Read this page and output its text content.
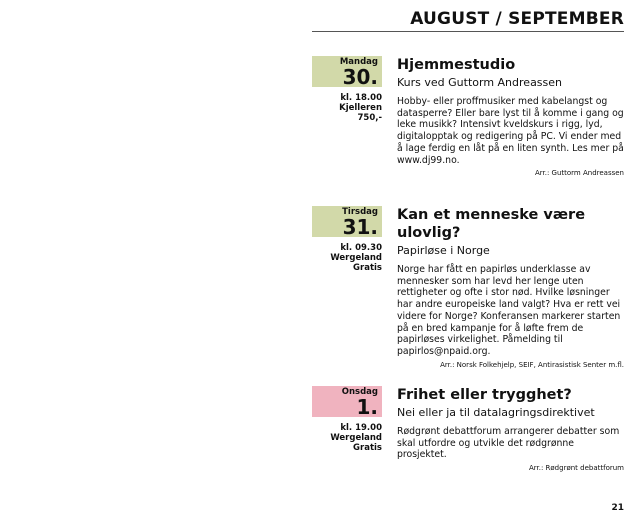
AUGUST / SEPTEMBER
Mandag
30.
kl. 18.00
Kjelleren
750,-
Hjemmestudio
Kurs ved Guttorm Andreassen
Hobby- eller proffmusiker med kabelangst og datasperre? Eller bare lyst til å komme i gang og leke musikk? Intensivt kveldskurs i rigg, lyd, digitalopptak og redigering på PC. Vi ender med å lage ferdig en låt på en liten synth. Les mer på www.dj99.no.
Arr.: Guttorm Andreassen
Tirsdag
31.
kl. 09.30
Wergeland
Gratis
Kan et menneske være ulovlig?
Papirløse i Norge
Norge har fått en papirløs underklasse av mennesker som har levd her lenge uten rettigheter og ofte i stor nød. Hvilke løsninger har andre europeiske land valgt? Hva er rett vei videre for Norge? Konferansen markerer starten på en bred kampanje for å løfte frem de papirløses virkelighet. Påmelding til papirlos@npaid.org.
Arr.: Norsk Folkehjelp, SEIF, Antirasistisk Senter m.fl.
Onsdag
1.
kl. 19.00
Wergeland
Gratis
Frihet eller trygghet?
Nei eller ja til datalagringsdirektivet
Rødgrønt debattforum arrangerer debatter som skal utfordre og utvikle det rødgrønne prosjektet.
Arr.: Rødgrønt debattforum
21
